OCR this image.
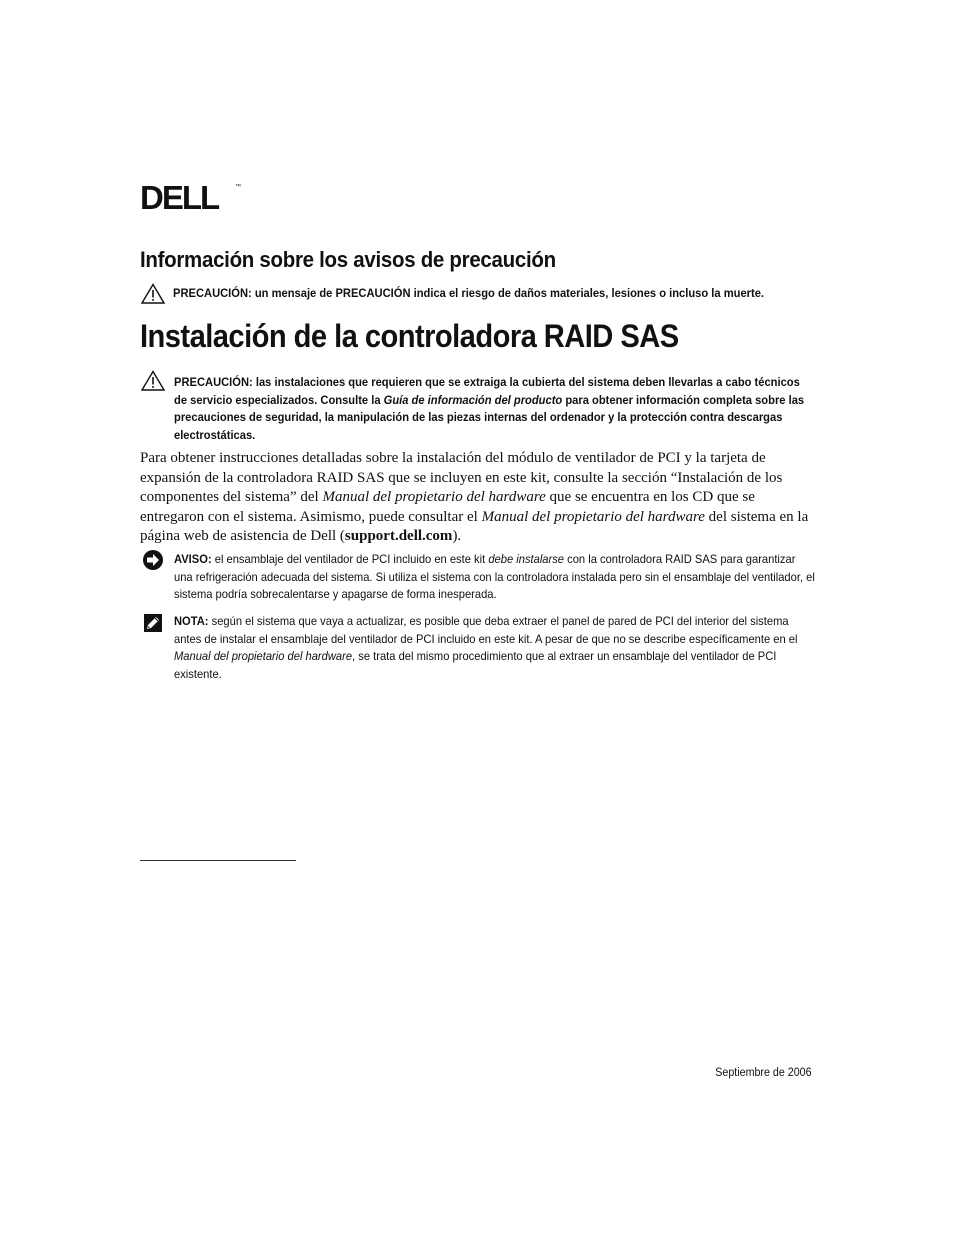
DELL	™
Información sobre los avisos de precaución
PRECAUCIÓN: un mensaje de PRECAUCIÓN indica el riesgo de daños materiales, lesiones o incluso la muerte.
Instalación de la controladora RAID SAS
PRECAUCIÓN: las instalaciones que requieren que se extraiga la cubierta del sistema deben llevarlas a cabo técnicos de servicio especializados. Consulte la Guía de información del producto para obtener información completa sobre las precauciones de seguridad, la manipulación de las piezas internas del ordenador y la protección contra descargas electrostáticas.
Para obtener instrucciones detalladas sobre la instalación del módulo de ventilador de PCI y la tarjeta de expansión de la controladora RAID SAS que se incluyen en este kit, consulte la sección “Instalación de los componentes del sistema” del Manual del propietario del hardware que se encuentra en los CD que se entregaron con el sistema. Asimismo, puede consultar el Manual del propietario del hardware del sistema en la página web de asistencia de Dell (support.dell.com).
AVISO: el ensamblaje del ventilador de PCI incluido en este kit debe instalarse con la controladora RAID SAS para garantizar una refrigeración adecuada del sistema. Si utiliza el sistema con la controladora instalada pero sin el ensamblaje del ventilador, el sistema podría sobrecalentarse y apagarse de forma inesperada.
NOTA: según el sistema que vaya a actualizar, es posible que deba extraer el panel de pared de PCI del interior del sistema antes de instalar el ensamblaje del ventilador de PCI incluido en este kit. A pesar de que no se describe específicamente en el Manual del propietario del hardware, se trata del mismo procedimiento que al extraer un ensamblaje del ventilador de PCI existente.
Septiembre de 2006
